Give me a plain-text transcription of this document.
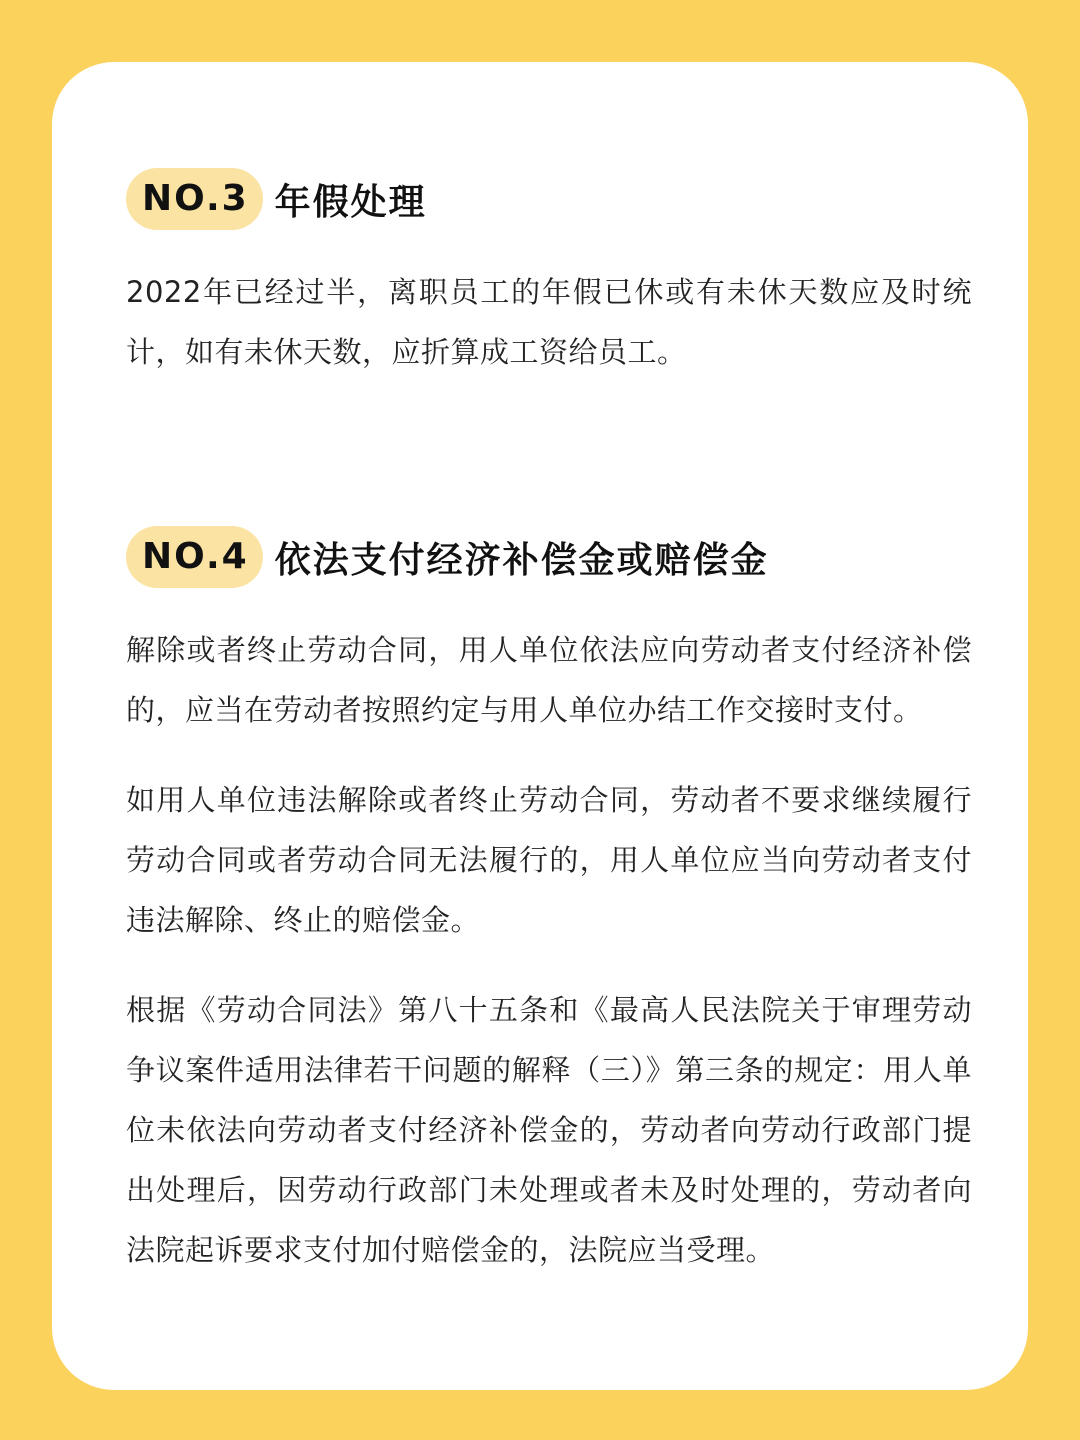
NO.3 年假处理

2022年已经过半，离职员工的年假已休或有未休天数应及时统计，如有未休天数，应折算成工资给员工。

NO.4 依法支付经济补偿金或赔偿金

解除或者终止劳动合同，用人单位依法应向劳动者支付经济补偿的，应当在劳动者按照约定与用人单位办结工作交接时支付。

如用人单位违法解除或者终止劳动合同，劳动者不要求继续履行劳动合同或者劳动合同无法履行的，用人单位应当向劳动者支付违法解除、终止的赔偿金。

根据《劳动合同法》第八十五条和《最高人民法院关于审理劳动争议案件适用法律若干问题的解释（三）》第三条的规定：用人单位未依法向劳动者支付经济补偿金的，劳动者向劳动行政部门提出处理后，因劳动行政部门未处理或者未及时处理的，劳动者向法院起诉要求支付加付赔偿金的，法院应当受理。
